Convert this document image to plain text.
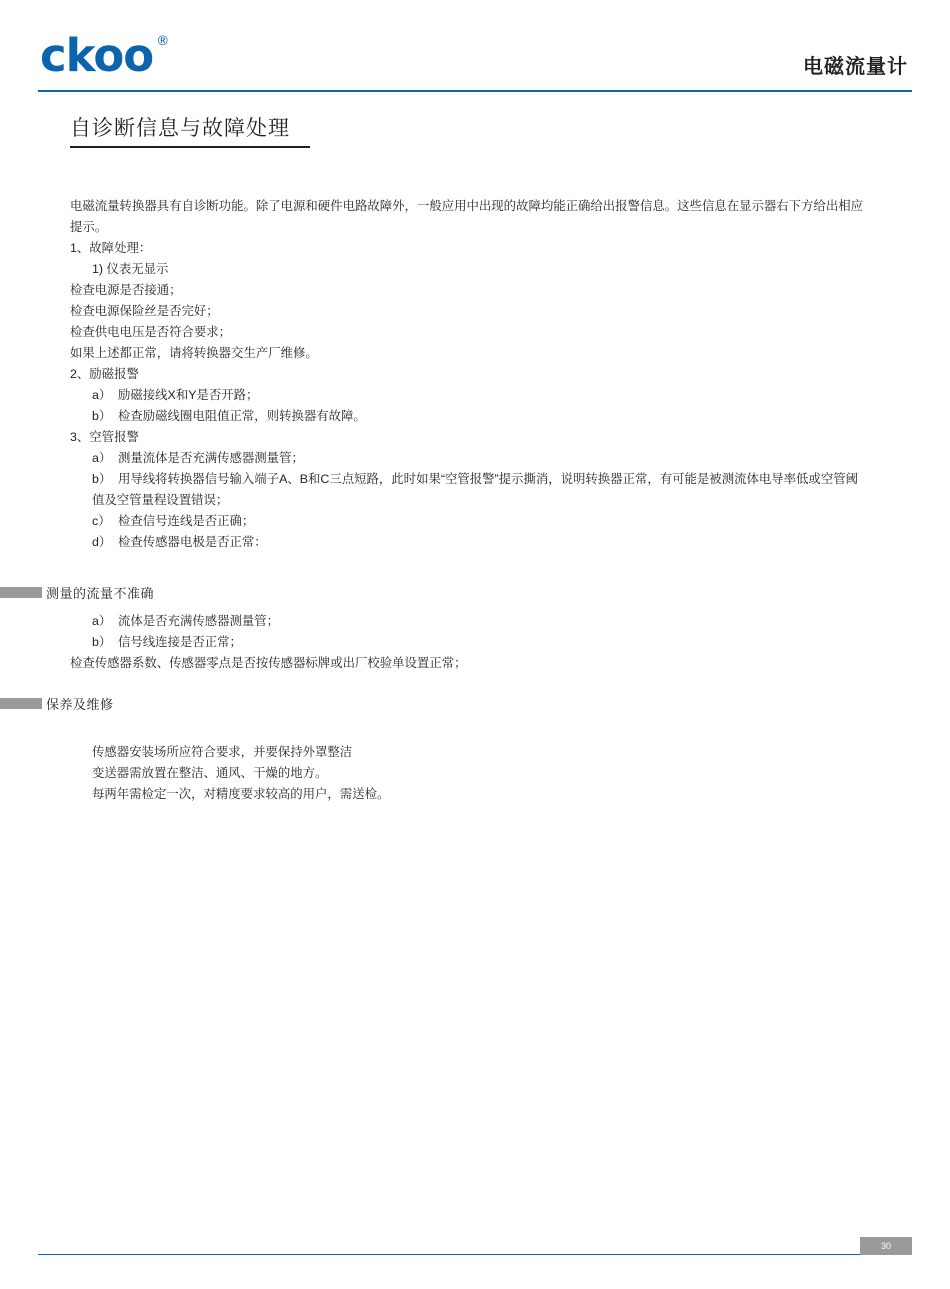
ckoo ®
电磁流量计
自诊断信息与故障处理

电磁流量转换器具有自诊断功能。除了电源和硬件电路故障外，一般应用中出现的故障均能正确给出报警信息。这些信息在显示器右下方给出相应提示。

1、故障处理：

1) 仪表无显示

检查电源是否接通；

检查电源保险丝是否完好；

检查供电电压是否符合要求；

如果上述都正常，请将转换器交生产厂维修。

2、励磁报警

a） 励磁接线X和Y是否开路；

b） 检查励磁线圈电阻值正常，则转换器有故障。

3、空管报警

a） 测量流体是否充满传感器测量管；

b） 用导线将转换器信号输入端子A、B和C三点短路，此时如果“空管报警”提示撕消，说明转换器正常，有可能是被测流体电导率低或空管阈值及空管量程设置错误；

c） 检查信号连线是否正确；

d） 检查传感器电极是否正常：

测量的流量不准确

a） 流体是否充满传感器测量管；

b） 信号线连接是否正常；

检查传感器系数、传感器零点是否按传感器标牌或出厂校验单设置正常；

保养及维修

传感器安装场所应符合要求，并要保持外罩整洁

变送器需放置在整洁、通风、干燥的地方。

每两年需检定一次，对精度要求较高的用户，需送检。

30
